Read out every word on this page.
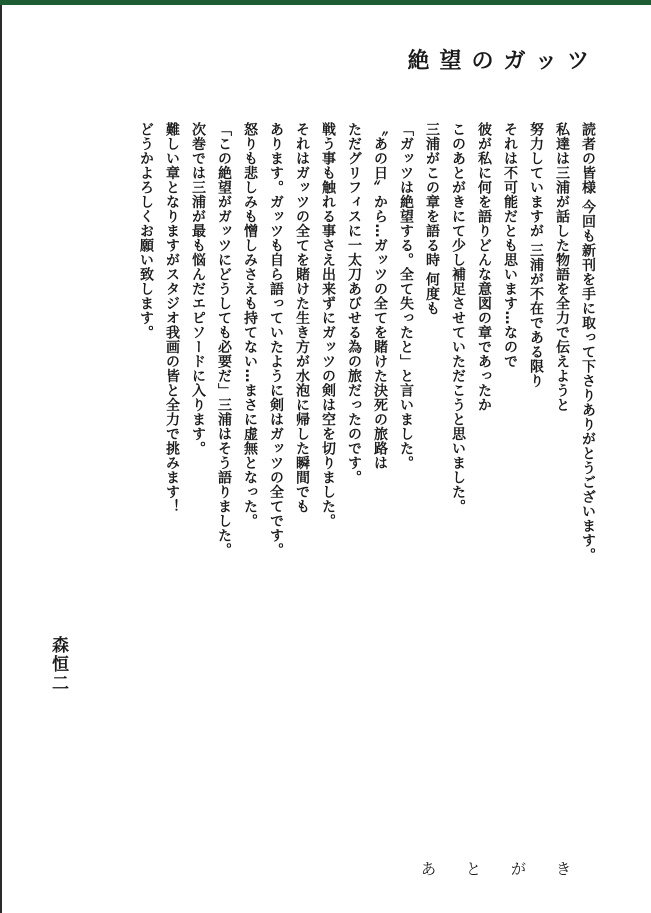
絶望のガッツ

読者の皆様 今回も新刊を手に取って下さりありがとうございます。

私達は三浦が話した物語を全力で伝えようと

努力していますが 三浦が不在である限り

それは不可能だとも思います…なので

彼が私に何を語りどんな意図の章であったか

このあとがきにて少し補足させていただこうと思いました。

三浦がこの章を語る時 何度も

「ガッツは絶望する。全て失ったと」と言いました。

〝あの日〟から…ガッツの全てを賭けた決死の旅路は

ただグリフィスに一太刀あびせる為の旅だったのです。

戦う事も触れる事さえ出来ずにガッツの剣は空を切りました。

それはガッツの全てを賭けた生き方が水泡に帰した瞬間でも

あります。ガッツも自ら語っていたように剣はガッツの全てです。

怒りも悲しみも憎しみさえも持てない…まさに虚無となった。

「この絶望がガッツにどうしても必要だ」三浦はそう語りました。

次巻では三浦が最も悩んだエピソードに入ります。

難しい章となりますがスタジオ我画の皆と全力で挑みます！

どうかよろしくお願い致します。

森恒二
あとがき
